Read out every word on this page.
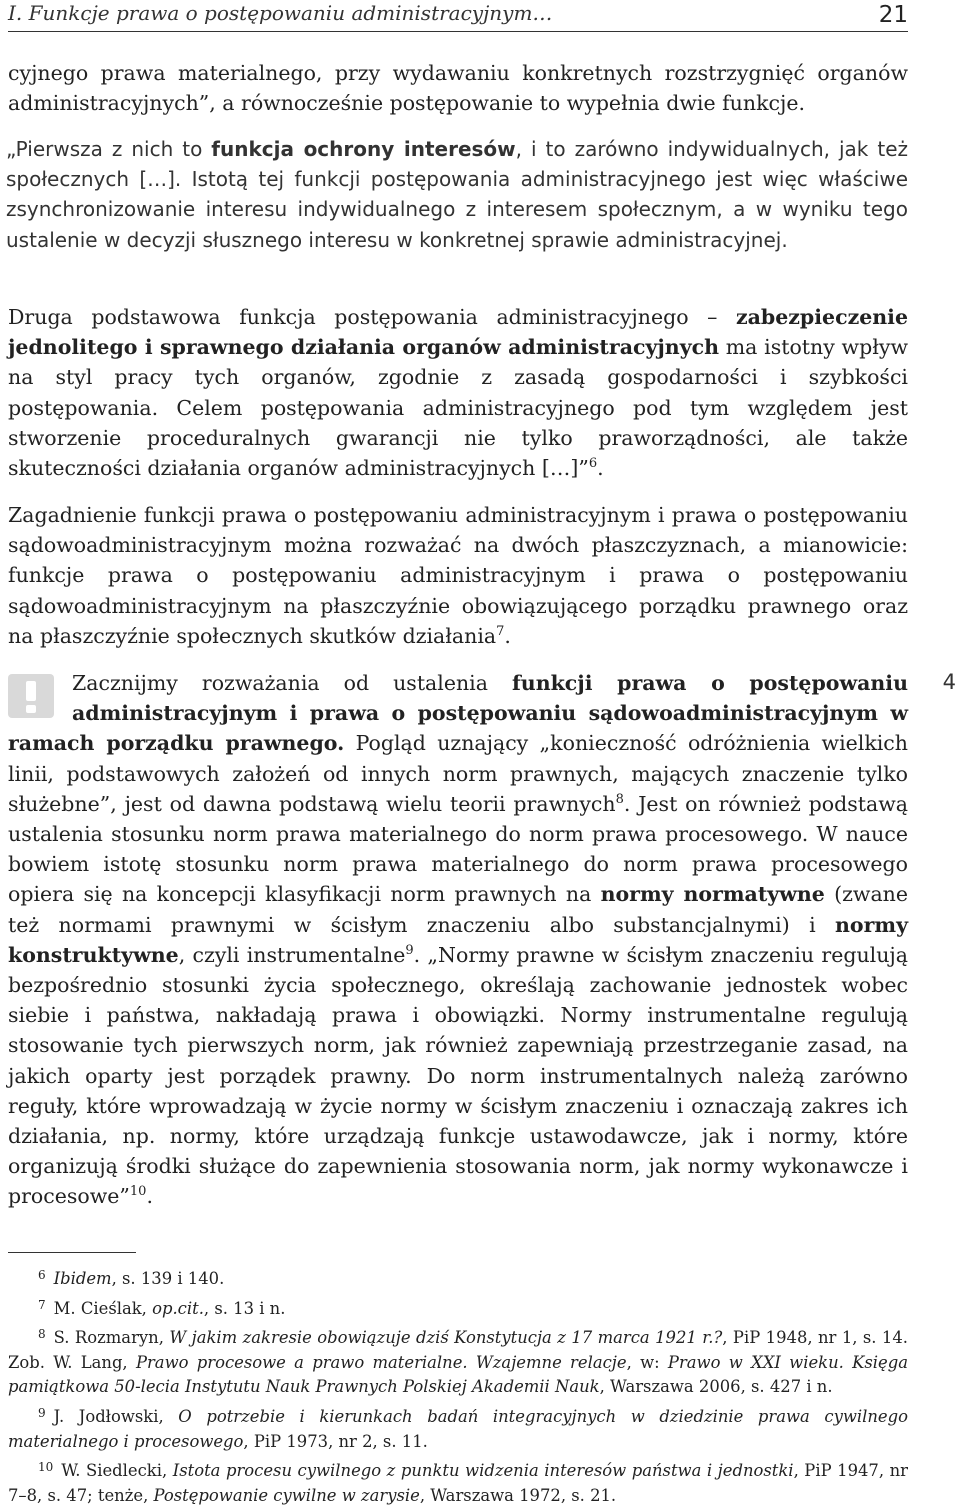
I. Funkcje prawa o postępowaniu administracyjnym…	21

cyjnego prawa materialnego, przy wydawaniu konkretnych rozstrzygnięć organów administracyjnych”, a równocześnie postępowanie to wypełnia dwie funkcje.

„Pierwsza z nich to funkcja ochrony interesów, i to zarówno indywidualnych, jak też społecznych […]. Istotą tej funkcji postępowania administracyjnego jest więc właściwe zsynchronizowanie interesu indywidualnego z interesem społecznym, a w wyniku tego ustalenie w decyzji słusznego interesu w konkretnej sprawie administracyjnej.

Druga podstawowa funkcja postępowania administracyjnego – zabezpieczenie jednolitego i sprawnego działania organów administracyjnych ma istotny wpływ na styl pracy tych organów, zgodnie z zasadą gospodarności i szybkości postępowania. Celem postępowania administracyjnego pod tym względem jest stworzenie proceduralnych gwarancji nie tylko praworządności, ale także skuteczności działania organów administracyjnych […]”$^6$.

Zagadnienie funkcji prawa o postępowaniu administracyjnym i prawa o postępowaniu sądowoadministracyjnym można rozważać na dwóch płaszczyznach, a mianowicie: funkcje prawa o postępowaniu administracyjnym i prawa o postępowaniu sądowoadministracyjnym na płaszczyźnie obowiązującego porządku prawnego oraz na płaszczyźnie społecznych skutków działania$^7$.

Zacznijmy rozważania od ustalenia funkcji prawa o postępowaniu administracyjnym i prawa o postępowaniu sądowoadministracyjnym w ramach porządku prawnego. Pogląd uznający „konieczność odróżnienia wielkich linii, podstawowych założeń od innych norm prawnych, mających znaczenie tylko służebne”, jest od dawna podstawą wielu teorii prawnych$^8$. Jest on również podstawą ustalenia stosunku norm prawa materialnego do norm prawa procesowego. W nauce bowiem istotę stosunku norm prawa materialnego do norm prawa procesowego opiera się na koncepcji klasyfikacji norm prawnych na normy normatywne (zwane też normami prawnymi w ścisłym znaczeniu albo substancjalnymi) i normy konstruktywne, czyli instrumentalne$^9$. „Normy prawne w ścisłym znaczeniu regulują bezpośrednio stosunki życia społecznego, określają zachowanie jednostek wobec siebie i państwa, nakładają prawa i obowiązki. Normy instrumentalne regulują stosowanie tych pierwszych norm, jak również zapewniają przestrzeganie zasad, na jakich oparty jest porządek prawny. Do norm instrumentalnych należą zarówno reguły, które wprowadzają w życie normy w ścisłym znaczeniu i oznaczają zakres ich działania, np. normy, które urządzają funkcje ustawodawcze, jak i normy, które organizują środki służące do zapewnienia stosowania norm, jak normy wykonawcze i procesowe”$^{10}$.

4

$^6$ Ibidem, s. 139 i 140.

$^7$ M. Cieślak, op.cit., s. 13 i n.

$^8$ S. Rozmaryn, W jakim zakresie obowiązuje dziś Konstytucja z 17 marca 1921 r.?, PiP 1948, nr 1, s. 14. Zob. W. Lang, Prawo procesowe a prawo materialne. Wzajemne relacje, w: Prawo w XXI wieku. Księga pamiątkowa 50-lecia Instytutu Nauk Prawnych Polskiej Akademii Nauk, Warszawa 2006, s. 427 i n.

$^9$ J. Jodłowski, O potrzebie i kierunkach badań integracyjnych w dziedzinie prawa cywilnego materialnego i procesowego, PiP 1973, nr 2, s. 11.

$^{10}$ W. Siedlecki, Istota procesu cywilnego z punktu widzenia interesów państwa i jednostki, PiP 1947, nr 7–8, s. 47; tenże, Postępowanie cywilne w zarysie, Warszawa 1972, s. 21.
